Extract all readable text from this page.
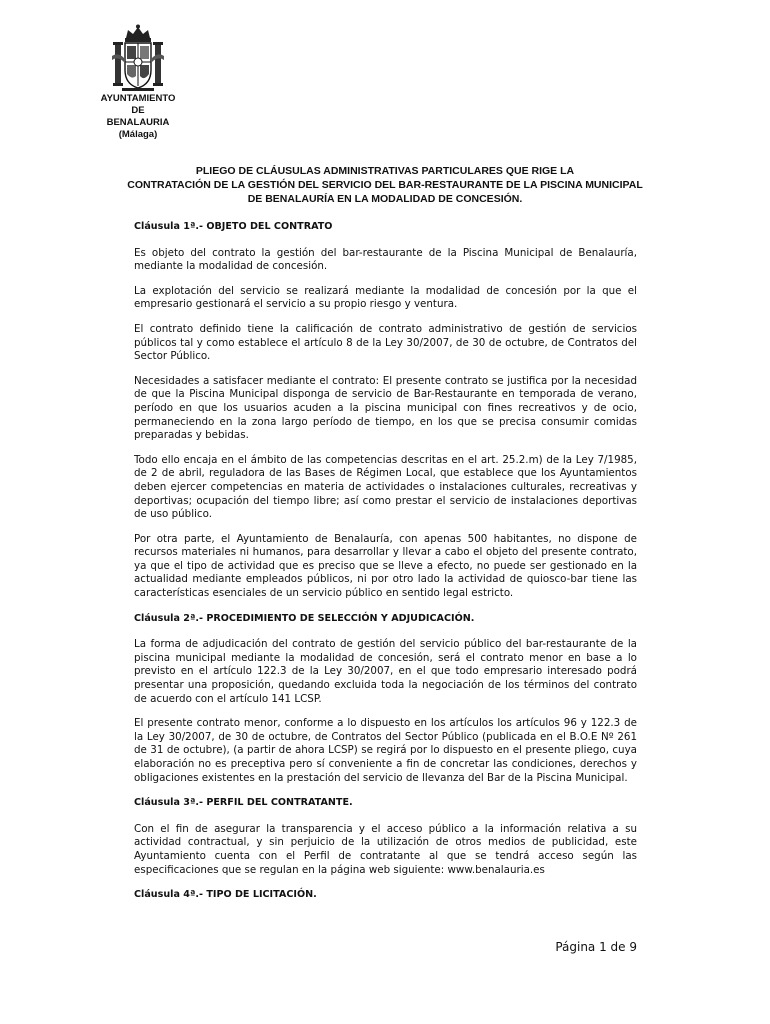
AYUNTAMIENTO
DE
BENALAURIA
(Málaga)
PLIEGO DE CLÁUSULAS ADMINISTRATIVAS PARTICULARES QUE RIGE LA
CONTRATACIÓN DE LA GESTIÓN DEL SERVICIO DEL BAR-RESTAURANTE DE LA PISCINA MUNICIPAL
DE BENALAURÍA EN LA MODALIDAD DE CONCESIÓN.
Cláusula 1ª.- OBJETO DEL CONTRATO
Es objeto del contrato la gestión del bar-restaurante de la Piscina Municipal de Benalauría, mediante la modalidad de concesión.
La explotación del servicio se realizará mediante la modalidad de concesión por la que el empresario gestionará el servicio a su propio riesgo y ventura.
El contrato definido tiene la calificación de contrato administrativo de gestión de servicios públicos tal y como establece el artículo 8 de la Ley 30/2007, de 30 de octubre, de Contratos del Sector Público.
Necesidades a satisfacer mediante el contrato: El presente contrato se justifica por la necesidad de que la Piscina Municipal disponga de servicio de Bar-Restaurante en temporada de verano, período en que los usuarios acuden a la piscina municipal con fines recreativos y de ocio, permaneciendo en la zona largo período de tiempo, en los que se precisa consumir comidas preparadas y bebidas.
Todo ello encaja en el ámbito de las competencias descritas en el art. 25.2.m) de la Ley 7/1985, de 2 de abril, reguladora de las Bases de Régimen Local, que establece que los Ayuntamientos deben ejercer competencias en materia de actividades o instalaciones culturales, recreativas y deportivas; ocupación del tiempo libre; así como prestar el servicio de instalaciones deportivas de uso público.
Por otra parte, el Ayuntamiento de Benalauría, con apenas 500 habitantes, no dispone de recursos materiales ni humanos, para desarrollar y llevar a cabo el objeto del presente contrato, ya que el tipo de actividad que es preciso que se lleve a efecto, no puede ser gestionado en la actualidad mediante empleados públicos, ni por otro lado la actividad de quiosco-bar tiene las características esenciales de un servicio público en sentido legal estricto.
Cláusula 2ª.- PROCEDIMIENTO DE SELECCIÓN Y ADJUDICACIÓN.
La forma de adjudicación del contrato de gestión del servicio público del bar-restaurante de la piscina municipal mediante la modalidad de concesión, será el contrato menor en base a lo previsto en el artículo 122.3 de la Ley 30/2007, en el que todo empresario interesado podrá presentar una proposición, quedando excluida toda la negociación de los términos del contrato de acuerdo con el artículo 141 LCSP.
El presente contrato menor, conforme a lo dispuesto en los artículos los artículos 96 y 122.3 de la Ley 30/2007, de 30 de octubre, de Contratos del Sector Público (publicada en el B.O.E Nº 261 de 31 de octubre), (a partir de ahora LCSP) se regirá por lo dispuesto en el presente pliego, cuya elaboración no es preceptiva pero sí conveniente a fin de concretar las condiciones, derechos y obligaciones existentes en la prestación del servicio de llevanza del Bar de la Piscina Municipal.
Cláusula 3ª.- PERFIL DEL CONTRATANTE.
Con el fin de asegurar la transparencia y el acceso público a la información relativa a su actividad contractual, y sin perjuicio de la utilización de otros medios de publicidad, este Ayuntamiento cuenta con el Perfil de contratante al que se tendrá acceso según las especificaciones que se regulan en la página web siguiente: www.benalauria.es
Cláusula 4ª.- TIPO DE LICITACIÓN.
Página 1 de 9
